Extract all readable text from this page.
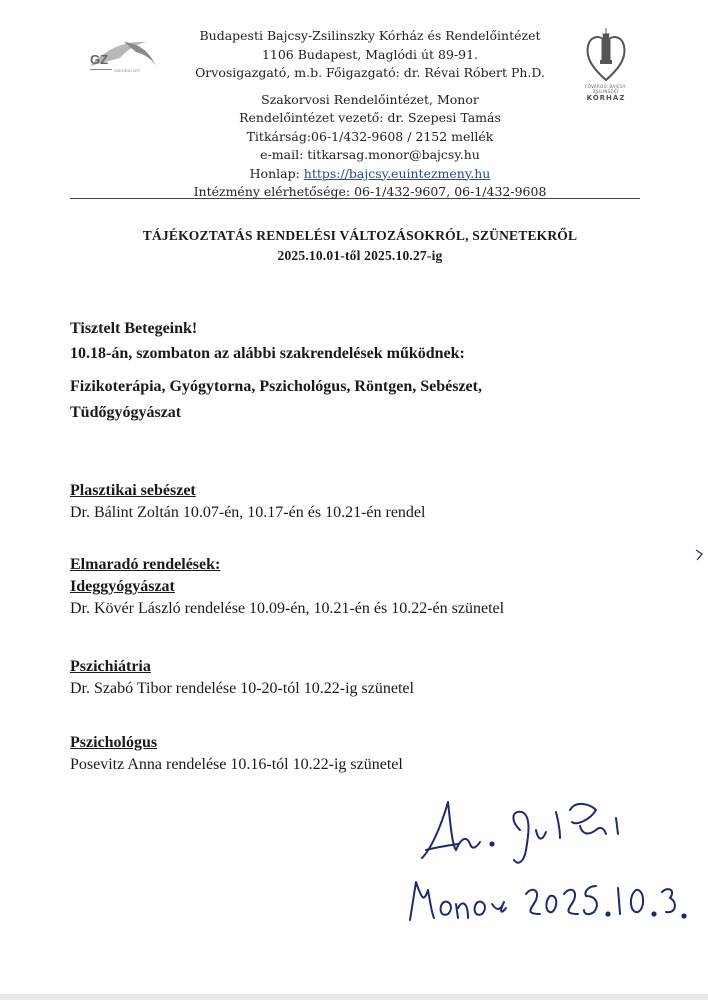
GZ
SZEGEDI ZRT
Budapesti Bajcsy-Zsilinszky Kórház és Rendelőintézet
1106 Budapest, Maglódi út 89-91.
Orvosigazgató, m.b. Főigazgató: dr. Révai Róbert Ph.D.
Szakorvosi Rendelőintézet, Monor
Rendelőintézet vezető: dr. Szepesi Tamás
Titkárság:06-1/432-9608 / 2152 mellék
e-mail: titkarsag.monor@bajcsy.hu
Honlap: https://bajcsy.euintezmeny.hu
Intézmény elérhetősége: 06-1/432-9607, 06-1/432-9608
FŐVÁROSI BAJCSY-ZSILINSZKY
KÓRHÁZ
TÁJÉKOZTATÁS RENDELÉSI VÁLTOZÁSOKRÓL, SZÜNETEKRŐL
2025.10.01-től 2025.10.27-ig
Tisztelt Betegeink!
10.18-án, szombaton az alábbi szakrendelések működnek:
Fizikoterápia, Gyógytorna, Pszichológus, Röntgen, Sebészet, Tüdőgyógyászat
Plasztikai sebészet
Dr. Bálint Zoltán 10.07-én, 10.17-én és 10.21-én rendel
Elmaradó rendelések:
Ideggyógyászat
Dr. Kövér László rendelése 10.09-én, 10.21-én és 10.22-én szünetel
Pszichiátria
Dr. Szabó Tibor rendelése 10-20-tól 10.22-ig szünetel
Pszichológus
Posevitz Anna rendelése 10.16-tól 10.22-ig szünetel
